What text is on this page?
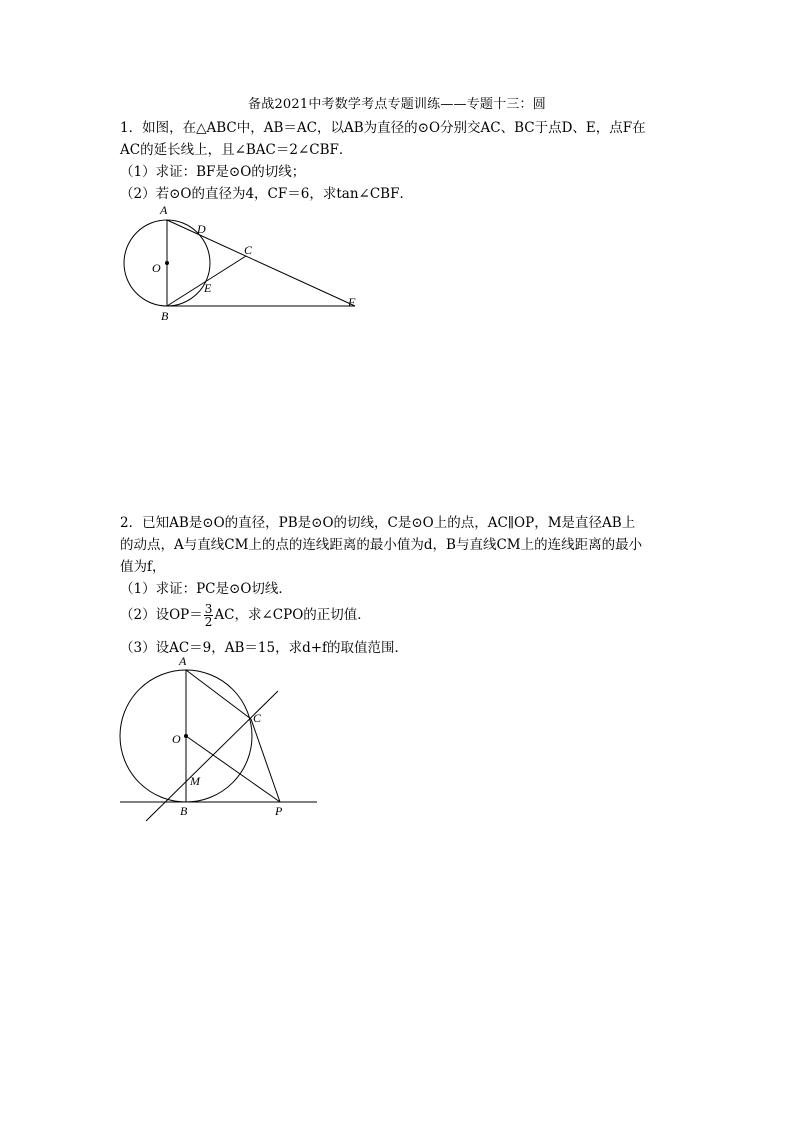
备战2021中考数学考点专题训练——专题十三：圆
1．如图，在△ABC中，AB＝AC，以AB为直径的⊙O分别交AC、BC于点D、E，点F在
AC的延长线上，且∠BAC＝2∠CBF．
（1）求证：BF是⊙O的切线；
（2）若⊙O的直径为4，CF＝6，求tan∠CBF．
A
D
C
O
E
B
F
2．已知AB是⊙O的直径，PB是⊙O的切线，C是⊙O上的点，AC∥OP，M是直径AB上
的动点，A与直线CM上的点的连线距离的最小值为d，B与直线CM上的连线距离的最小
值为f，
（1）求证：PC是⊙O切线．
（2）设$OP= \frac{3}{2}$ AC，求∠CPO的正切值．
（3）设AC＝9，AB＝15，求d+f的取值范围．
A
C
O
M
B	P
